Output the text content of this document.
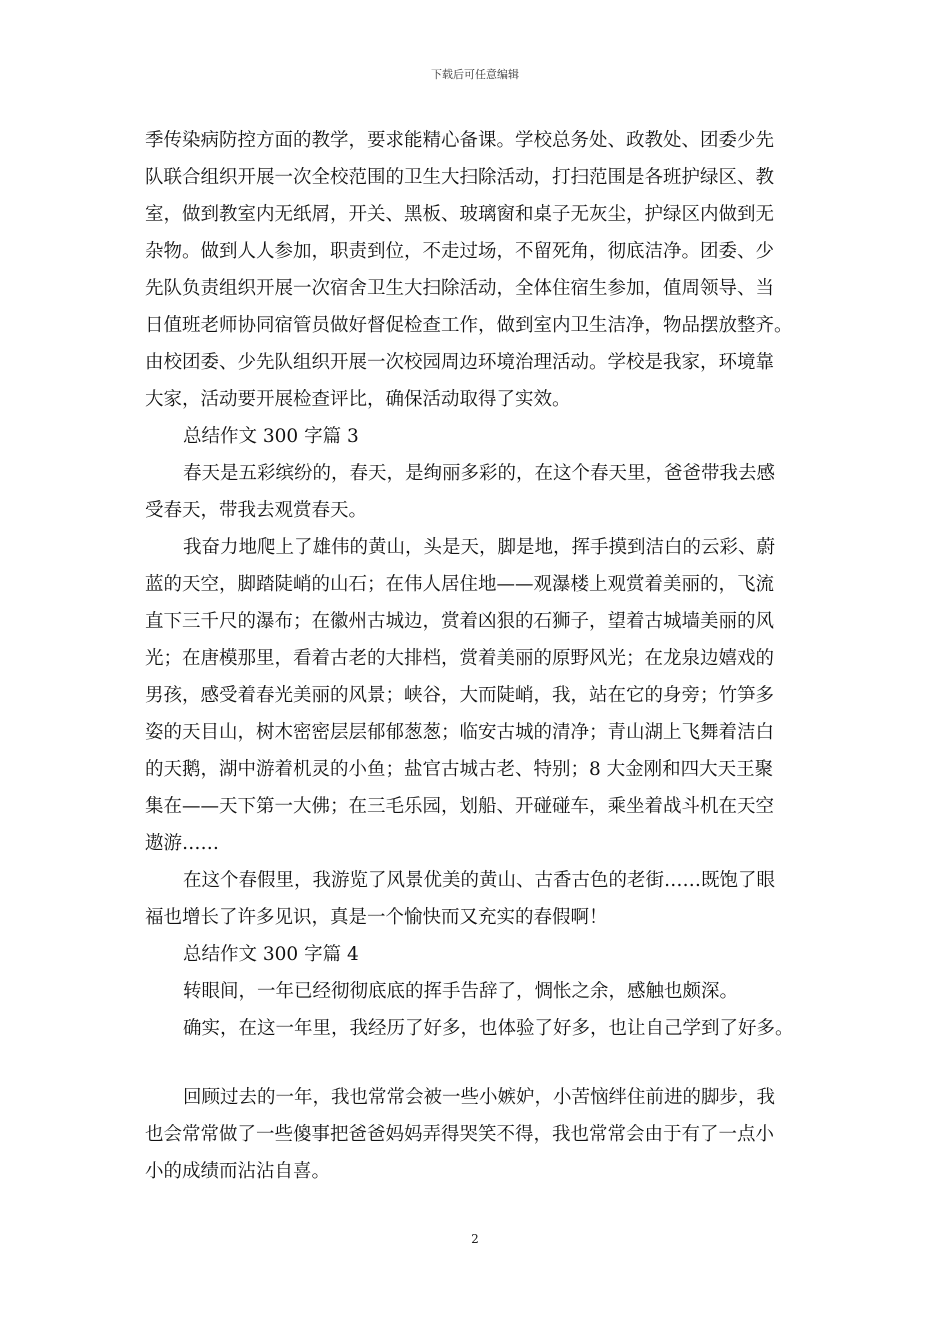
下载后可任意编辑
季传染病防控方面的教学，要求能精心备课。学校总务处、政教处、团委少先
队联合组织开展一次全校范围的卫生大扫除活动，打扫范围是各班护绿区、教
室，做到教室内无纸屑，开关、黑板、玻璃窗和桌子无灰尘，护绿区内做到无
杂物。做到人人参加，职责到位，不走过场，不留死角，彻底洁净。团委、少
先队负责组织开展一次宿舍卫生大扫除活动，全体住宿生参加，值周领导、当
日值班老师协同宿管员做好督促检查工作，做到室内卫生洁净，物品摆放整齐。
由校团委、少先队组织开展一次校园周边环境治理活动。学校是我家，环境靠
大家，活动要开展检查评比，确保活动取得了实效。
总结作文 300 字篇 3
春天是五彩缤纷的，春天，是绚丽多彩的，在这个春天里，爸爸带我去感
受春天，带我去观赏春天。
我奋力地爬上了雄伟的黄山，头是天，脚是地，挥手摸到洁白的云彩、蔚
蓝的天空，脚踏陡峭的山石；在伟人居住地——观瀑楼上观赏着美丽的，飞流
直下三千尺的瀑布；在徽州古城边，赏着凶狠的石狮子，望着古城墙美丽的风
光；在唐模那里，看着古老的大排档，赏着美丽的原野风光；在龙泉边嬉戏的
男孩，感受着春光美丽的风景；峡谷，大而陡峭，我，站在它的身旁；竹笋多
姿的天目山，树木密密层层郁郁葱葱；临安古城的清净；青山湖上飞舞着洁白
的天鹅，湖中游着机灵的小鱼；盐官古城古老、特别；8 大金刚和四大天王聚
集在——天下第一大佛；在三毛乐园，划船、开碰碰车，乘坐着战斗机在天空
遨游……
在这个春假里，我游览了风景优美的黄山、古香古色的老街……既饱了眼
福也增长了许多见识，真是一个愉快而又充实的春假啊！
总结作文 300 字篇 4
转眼间，一年已经彻彻底底的挥手告辞了，惆怅之余，感触也颇深。
确实，在这一年里，我经历了好多，也体验了好多，也让自己学到了好多。
回顾过去的一年，我也常常会被一些小嫉妒，小苦恼绊住前进的脚步，我
也会常常做了一些傻事把爸爸妈妈弄得哭笑不得，我也常常会由于有了一点小
小的成绩而沾沾自喜。
2
